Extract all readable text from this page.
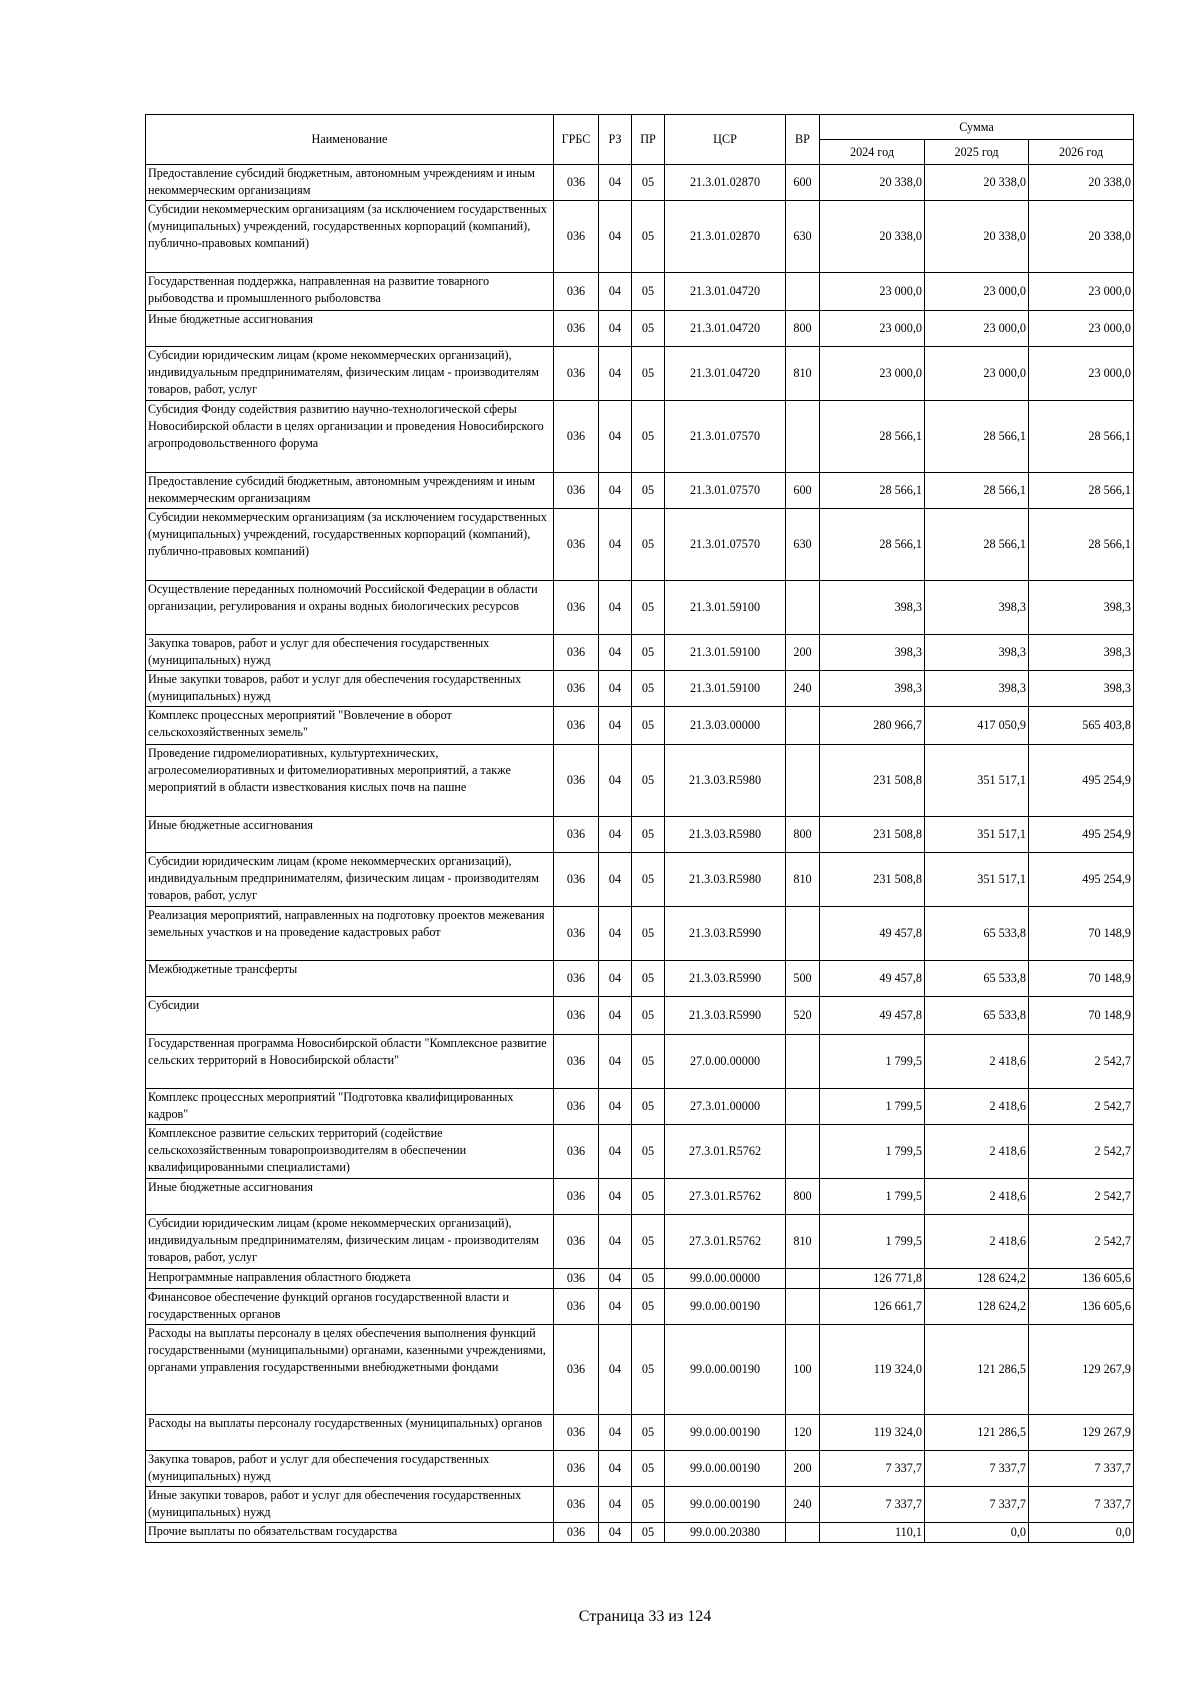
Наименование	ГРБС	РЗ	ПР	ЦСР	ВР	Сумма		
						2024 год	2025 год	2026 год
Предоставление субсидий бюджетным, автономным учреждениям и иным некоммерческим организациям	036	04	05	21.3.01.02870	600	20 338,0	20 338,0	20 338,0
Субсидии некоммерческим организациям (за исключением государственных (муниципальных) учреждений, государственных корпораций (компаний), публично-правовых компаний)	036	04	05	21.3.01.02870	630	20 338,0	20 338,0	20 338,0
Государственная поддержка, направленная на развитие товарного рыбоводства и промышленного рыболовства	036	04	05	21.3.01.04720		23 000,0	23 000,0	23 000,0
Иные бюджетные ассигнования	036	04	05	21.3.01.04720	800	23 000,0	23 000,0	23 000,0
Субсидии юридическим лицам (кроме некоммерческих организаций), индивидуальным предпринимателям, физическим лицам - производителям товаров, работ, услуг	036	04	05	21.3.01.04720	810	23 000,0	23 000,0	23 000,0
Субсидия Фонду содействия развитию научно-технологической сферы Новосибирской области в целях организации и проведения Новосибирского агропродовольственного форума	036	04	05	21.3.01.07570		28 566,1	28 566,1	28 566,1
Предоставление субсидий бюджетным, автономным учреждениям и иным некоммерческим организациям	036	04	05	21.3.01.07570	600	28 566,1	28 566,1	28 566,1
Субсидии некоммерческим организациям (за исключением государственных (муниципальных) учреждений, государственных корпораций (компаний), публично-правовых компаний)	036	04	05	21.3.01.07570	630	28 566,1	28 566,1	28 566,1
Осуществление переданных полномочий Российской Федерации в области организации, регулирования и охраны водных биологических ресурсов	036	04	05	21.3.01.59100		398,3	398,3	398,3
Закупка товаров, работ и услуг для обеспечения государственных (муниципальных) нужд	036	04	05	21.3.01.59100	200	398,3	398,3	398,3
Иные закупки товаров, работ и услуг для обеспечения государственных (муниципальных) нужд	036	04	05	21.3.01.59100	240	398,3	398,3	398,3
Комплекс процессных мероприятий "Вовлечение в оборот сельскохозяйственных земель"	036	04	05	21.3.03.00000		280 966,7	417 050,9	565 403,8
Проведение гидромелиоративных, культуртехнических, агролесомелиоративных и фитомелиоративных мероприятий, а также мероприятий в области известкования кислых почв на пашне	036	04	05	21.3.03.R5980		231 508,8	351 517,1	495 254,9
Иные бюджетные ассигнования	036	04	05	21.3.03.R5980	800	231 508,8	351 517,1	495 254,9
Субсидии юридическим лицам (кроме некоммерческих организаций), индивидуальным предпринимателям, физическим лицам - производителям товаров, работ, услуг	036	04	05	21.3.03.R5980	810	231 508,8	351 517,1	495 254,9
Реализация мероприятий, направленных на подготовку проектов межевания земельных участков и на проведение кадастровых работ	036	04	05	21.3.03.R5990		49 457,8	65 533,8	70 148,9
Межбюджетные трансферты	036	04	05	21.3.03.R5990	500	49 457,8	65 533,8	70 148,9
Субсидии	036	04	05	21.3.03.R5990	520	49 457,8	65 533,8	70 148,9
Государственная программа Новосибирской области "Комплексное развитие сельских территорий в Новосибирской области"	036	04	05	27.0.00.00000		1 799,5	2 418,6	2 542,7
Комплекс процессных мероприятий "Подготовка квалифицированных кадров"	036	04	05	27.3.01.00000		1 799,5	2 418,6	2 542,7
Комплексное развитие сельских территорий (содействие сельскохозяйственным товаропроизводителям в обеспечении квалифицированными специалистами)	036	04	05	27.3.01.R5762		1 799,5	2 418,6	2 542,7
Иные бюджетные ассигнования	036	04	05	27.3.01.R5762	800	1 799,5	2 418,6	2 542,7
Субсидии юридическим лицам (кроме некоммерческих организаций), индивидуальным предпринимателям, физическим лицам - производителям товаров, работ, услуг	036	04	05	27.3.01.R5762	810	1 799,5	2 418,6	2 542,7
Непрограммные направления областного бюджета	036	04	05	99.0.00.00000		126 771,8	128 624,2	136 605,6
Финансовое обеспечение функций органов государственной власти и государственных органов	036	04	05	99.0.00.00190		126 661,7	128 624,2	136 605,6
Расходы на выплаты персоналу в целях обеспечения выполнения функций государственными (муниципальными) органами, казенными учреждениями, органами управления государственными внебюджетными фондами	036	04	05	99.0.00.00190	100	119 324,0	121 286,5	129 267,9
Расходы на выплаты персоналу государственных (муниципальных) органов	036	04	05	99.0.00.00190	120	119 324,0	121 286,5	129 267,9
Закупка товаров, работ и услуг для обеспечения государственных (муниципальных) нужд	036	04	05	99.0.00.00190	200	7 337,7	7 337,7	7 337,7
Иные закупки товаров, работ и услуг для обеспечения государственных (муниципальных) нужд	036	04	05	99.0.00.00190	240	7 337,7	7 337,7	7 337,7
Прочие выплаты по обязательствам государства	036	04	05	99.0.00.20380		110,1	0,0	0,0
Страница 33 из 124
